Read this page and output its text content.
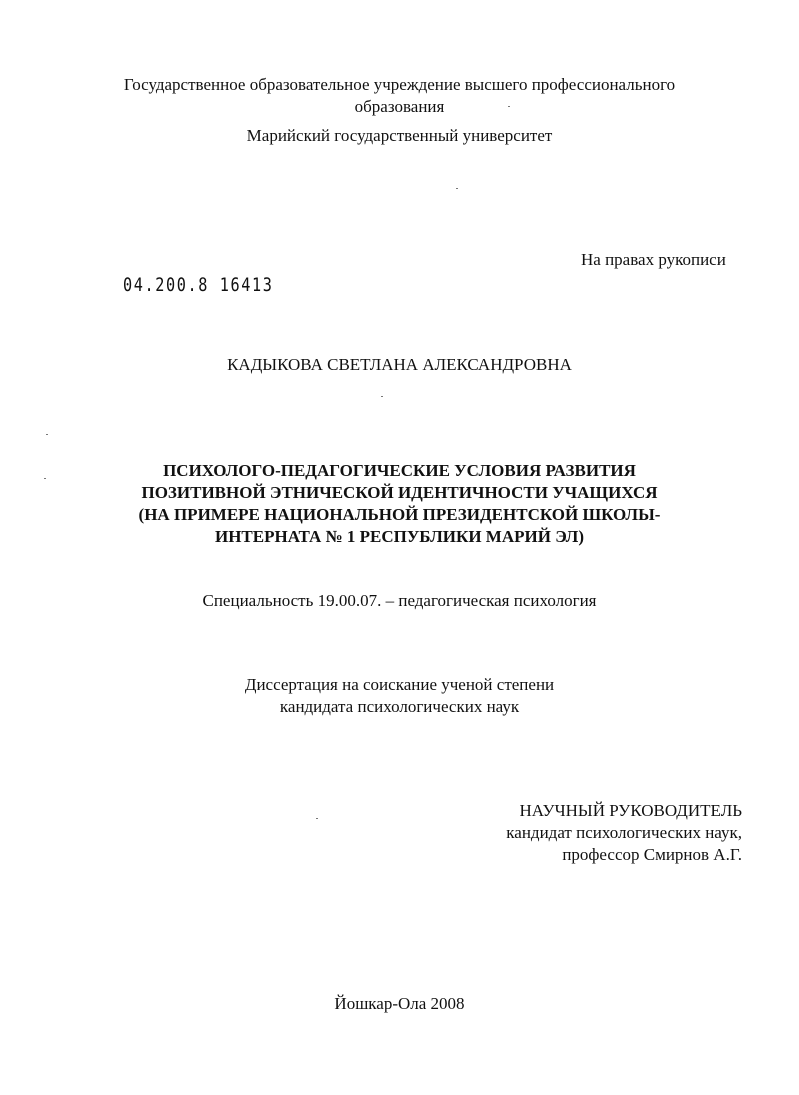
Государственное образовательное учреждение высшего профессионального
образования
Марийский государственный университет
На правах рукописи
04.200.8 16413
КАДЫКОВА СВЕТЛАНА АЛЕКСАНДРОВНА
ПСИХОЛОГО-ПЕДАГОГИЧЕСКИЕ УСЛОВИЯ РАЗВИТИЯ
ПОЗИТИВНОЙ ЭТНИЧЕСКОЙ ИДЕНТИЧНОСТИ УЧАЩИХСЯ
(НА ПРИМЕРЕ НАЦИОНАЛЬНОЙ ПРЕЗИДЕНТСКОЙ ШКОЛЫ-
ИНТЕРНАТА № 1 РЕСПУБЛИКИ МАРИЙ ЭЛ)
Специальность 19.00.07. – педагогическая психология
Диссертация на соискание ученой степени
кандидата психологических наук
НАУЧНЫЙ РУКОВОДИТЕЛЬ
кандидат психологических наук,
профессор Смирнов А.Г.
Йошкар-Ола 2008
